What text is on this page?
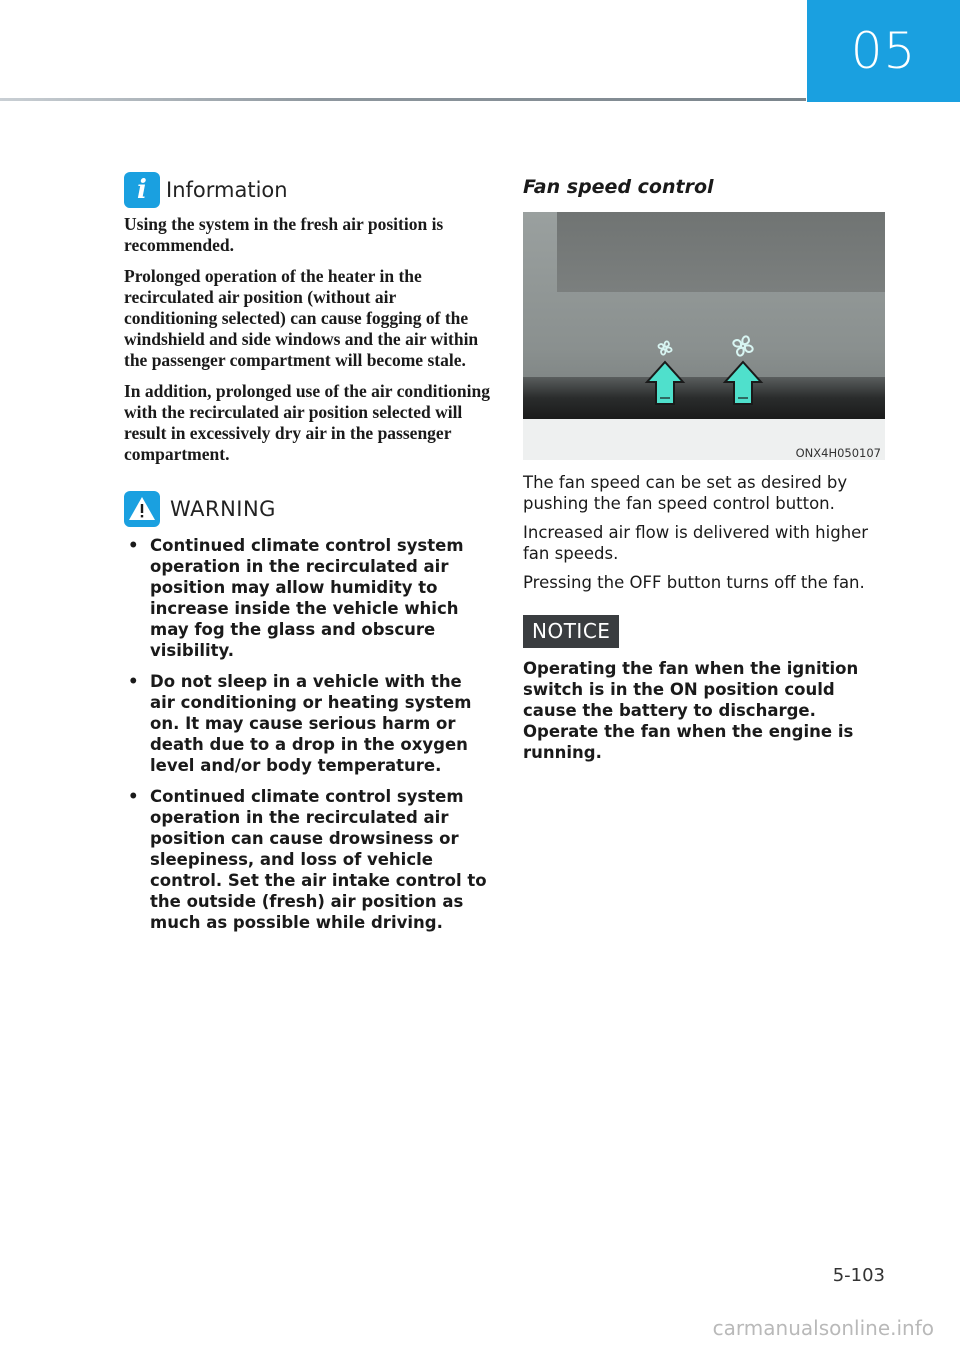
05
i Information

Using the system in the fresh air position is recommended.

Prolonged operation of the heater in the recirculated air position (without air conditioning selected) can cause fogging of the windshield and side windows and the air within the passenger compartment will become stale.

In addition, prolonged use of the air conditioning with the recirculated air position selected will result in excessively dry air in the passenger compartment.

WARNING
• Continued climate control system operation in the recirculated air position may allow humidity to increase inside the vehicle which may fog the glass and obscure visibility.
• Do not sleep in a vehicle with the air conditioning or heating system on. It may cause serious harm or death due to a drop in the oxygen level and/or body temperature.
• Continued climate control system operation in the recirculated air position can cause drowsiness or sleepiness, and loss of vehicle control. Set the air intake control to the outside (fresh) air position as much as possible while driving.
Fan speed control
ONX4H050107

The fan speed can be set as desired by pushing the fan speed control button.

Increased air flow is delivered with higher fan speeds.

Pressing the OFF button turns off the fan.

NOTICE
Operating the fan when the ignition switch is in the ON position could cause the battery to discharge. Operate the fan when the engine is running.
5-103
carmanualsonline.info
